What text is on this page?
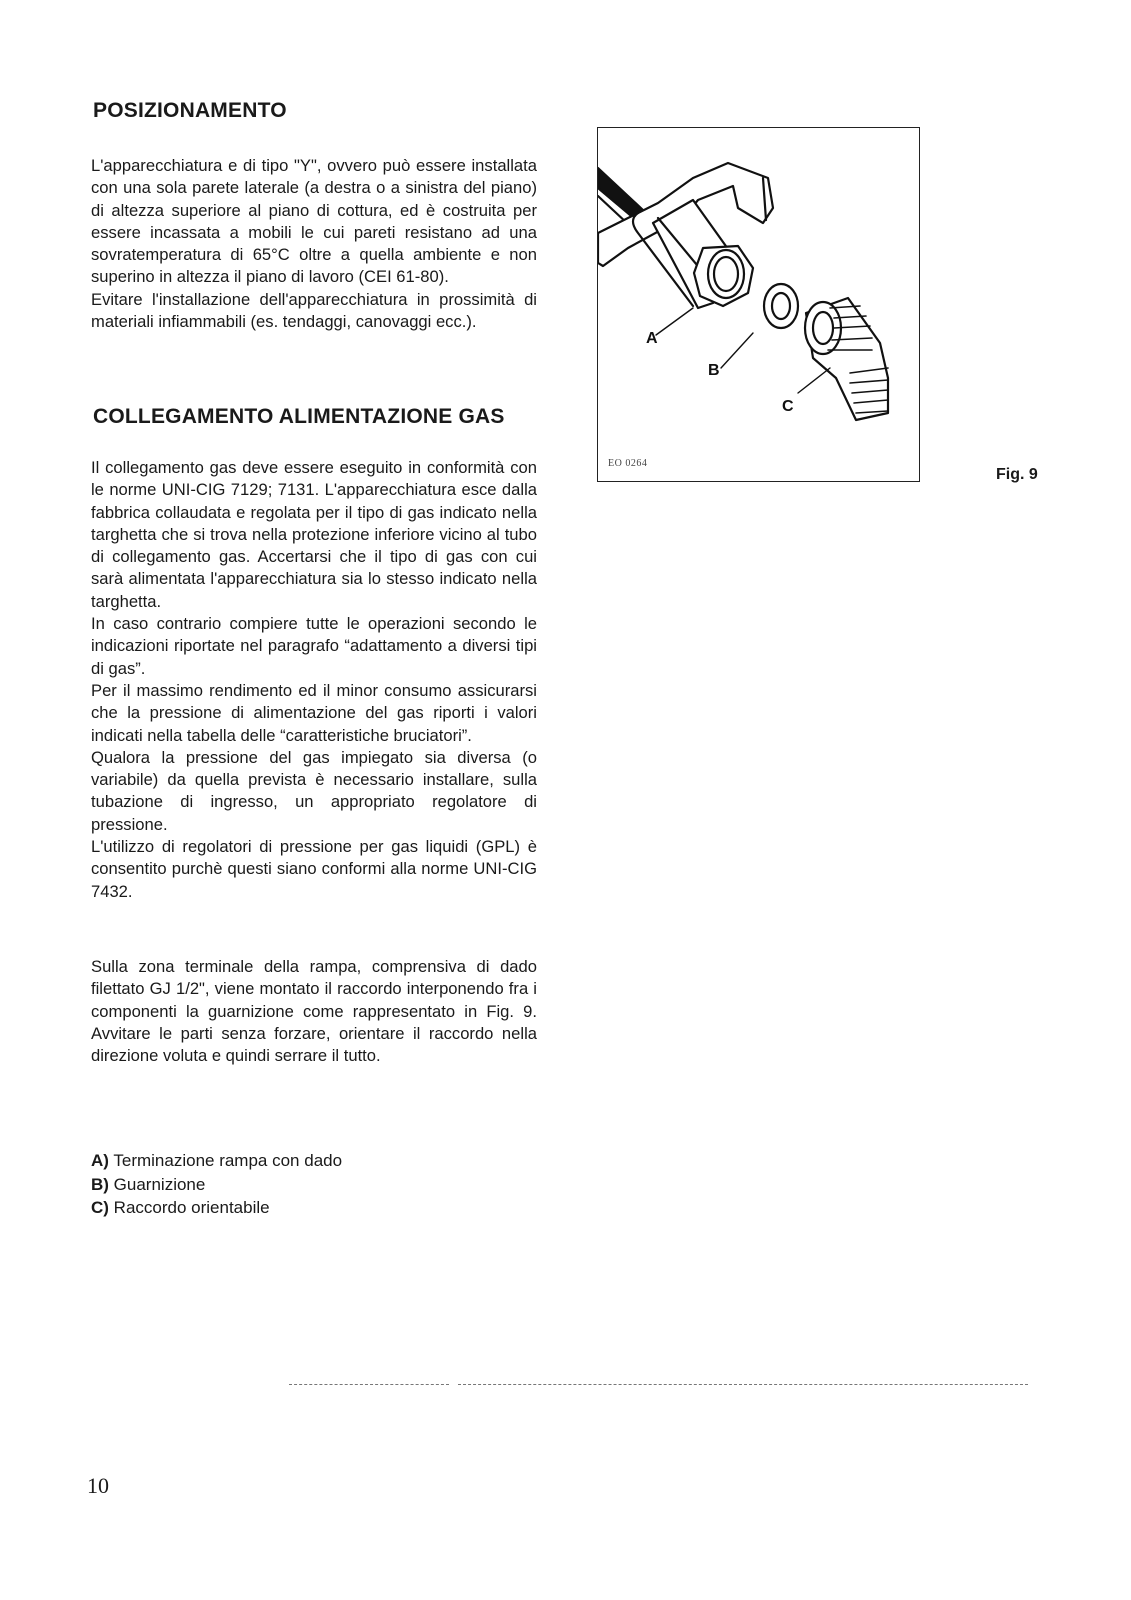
POSIZIONAMENTO

L'apparecchiatura e di tipo "Y", ovvero può essere installata con una sola parete laterale (a destra o a sinistra del piano) di altezza superiore al piano di cottura, ed è costruita per essere incassata a mobili le cui pareti resistano ad una sovratemperatura di 65°C oltre a quella ambiente e non superino in altezza il piano di lavoro (CEI 61-80).

Evitare l'installazione dell'apparecchiatura in prossimità di materiali infiammabili (es. tendaggi, canovaggi ecc.).

COLLEGAMENTO ALIMENTAZIONE GAS

Il collegamento gas deve essere eseguito in conformità con le norme UNI-CIG 7129; 7131. L'apparecchiatura esce dalla fabbrica collaudata e regolata per il tipo di gas indicato nella targhetta che si trova nella protezione inferiore vicino al tubo di collegamento gas. Accertarsi che il tipo di gas con cui sarà alimentata l'apparecchiatura sia lo stesso indicato nella targhetta.

In caso contrario compiere tutte le operazioni secondo le indicazioni riportate nel paragrafo “adattamento a diversi tipi di gas”.

Per il massimo rendimento ed il minor consumo assicurarsi che la pressione di alimentazione del gas riporti i valori indicati nella tabella delle “caratteristiche bruciatori”.

Qualora la pressione del gas impiegato sia diversa (o variabile) da quella prevista è necessario installare, sulla tubazione di ingresso, un appropriato regolatore di pressione.

L'utilizzo di regolatori di pressione per gas liquidi (GPL) è consentito purchè questi siano conformi alla norme UNI-CIG 7432.

Sulla zona terminale della rampa, comprensiva di dado filettato GJ 1/2", viene montato il raccordo interponendo fra i componenti la guarnizione come rappresentato in Fig. 9. Avvitare le parti senza forzare, orientare il raccordo nella direzione voluta e quindi serrare il tutto.

A) Terminazione rampa con dado
B) Guarnizione
C) Raccordo orientabile
A
B
C
EO 0264
Fig. 9
10
